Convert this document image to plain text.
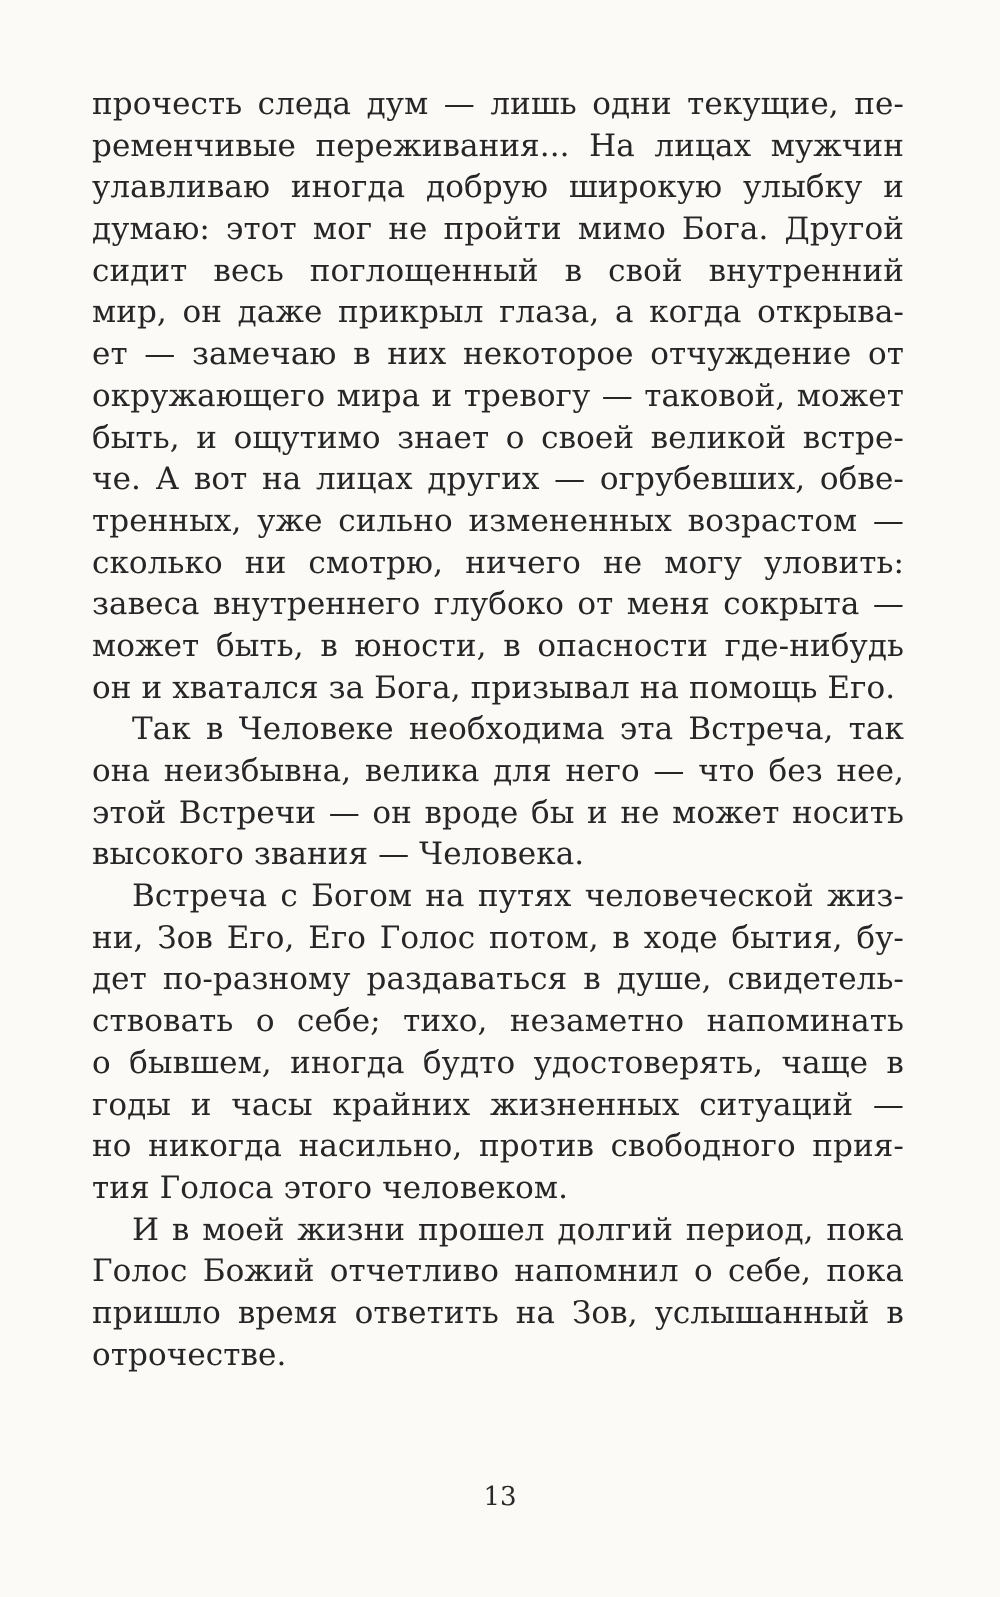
прочесть следа дум — лишь одни текущие, пе-
ременчивые переживания... На лицах мужчин
улавливаю иногда добрую широкую улыбку и
думаю: этот мог не пройти мимо Бога. Другой
сидит весь поглощенный в свой внутренний
мир, он даже прикрыл глаза, а когда открыва-
ет — замечаю в них некоторое отчуждение от
окружающего мира и тревогу — таковой, может
быть, и ощутимо знает о своей великой встре-
че. А вот на лицах других — огрубевших, обве-
тренных, уже сильно измененных возрастом —
сколько ни смотрю, ничего не могу уловить:
завеса внутреннего глубоко от меня сокрыта —
может быть, в юности, в опасности где-нибудь
он и хватался за Бога, призывал на помощь Его.
Так в Человеке необходима эта Встреча, так
она неизбывна, велика для него — что без нее,
этой Встречи — он вроде бы и не может носить
высокого звания — Человека.
Встреча с Богом на путях человеческой жиз-
ни, Зов Его, Его Голос потом, в ходе бытия, бу-
дет по-разному раздаваться в душе, свидетель-
ствовать о себе; тихо, незаметно напоминать
о бывшем, иногда будто удостоверять, чаще в
годы и часы крайних жизненных ситуаций —
но никогда насильно, против свободного прия-
тия Голоса этого человеком.
И в моей жизни прошел долгий период, пока
Голос Божий отчетливо напомнил о себе, пока
пришло время ответить на Зов, услышанный в
отрочестве.
13
